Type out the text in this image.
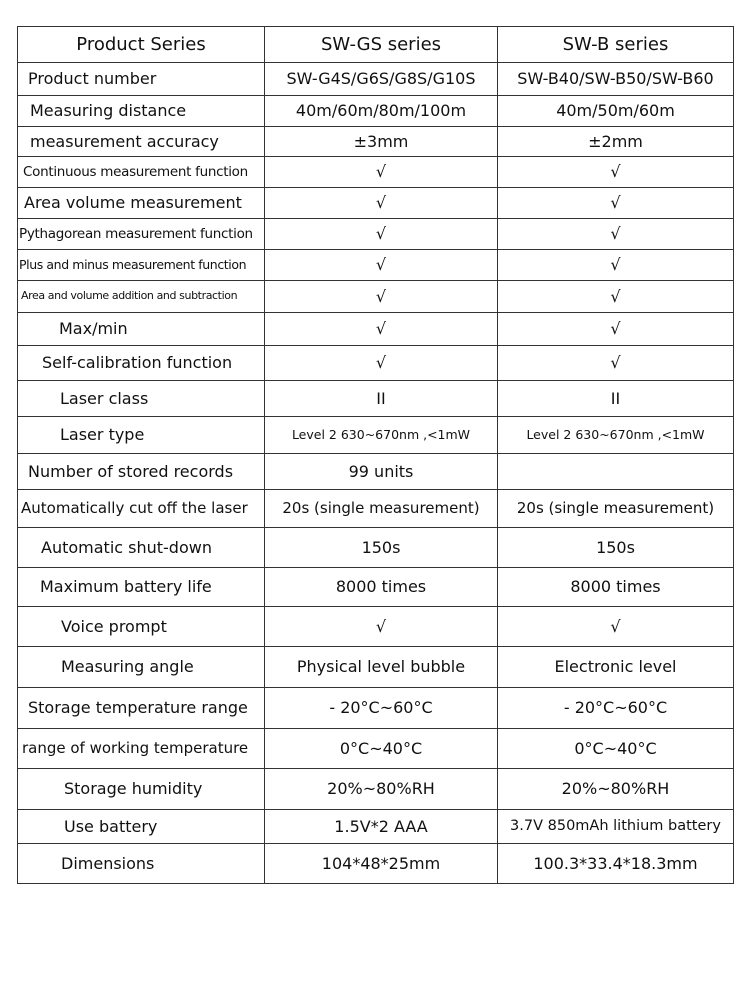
Product Series	SW-GS series	SW-B series
Product number	SW-G4S/G6S/G8S/G10S	SW-B40/SW-B50/SW-B60
Measuring distance	40m/60m/80m/100m	40m/50m/60m
measurement accuracy	±3mm	±2mm
Continuous measurement function	√	√
Area volume measurement	√	√
Pythagorean measurement function	√	√
Plus and minus measurement function	√	√
Area and volume addition and subtraction	√	√
Max/min	√	√
Self-calibration function	√	√
Laser class	II	II
Laser type	Level 2 630~670nm ,<1mW	Level 2 630~670nm ,<1mW
Number of stored records	99 units	
Automatically cut off the laser	20s (single measurement)	20s (single measurement)
Automatic shut-down	150s	150s
Maximum battery life	8000 times	8000 times
Voice prompt	√	√
Measuring angle	Physical level bubble	Electronic level
Storage temperature range	- 20°C~60°C	- 20°C~60°C
range of working temperature	0°C~40°C	0°C~40°C
Storage humidity	20%~80%RH	20%~80%RH
Use battery	1.5V*2 AAA	3.7V 850mAh lithium battery
Dimensions	104*48*25mm	100.3*33.4*18.3mm
